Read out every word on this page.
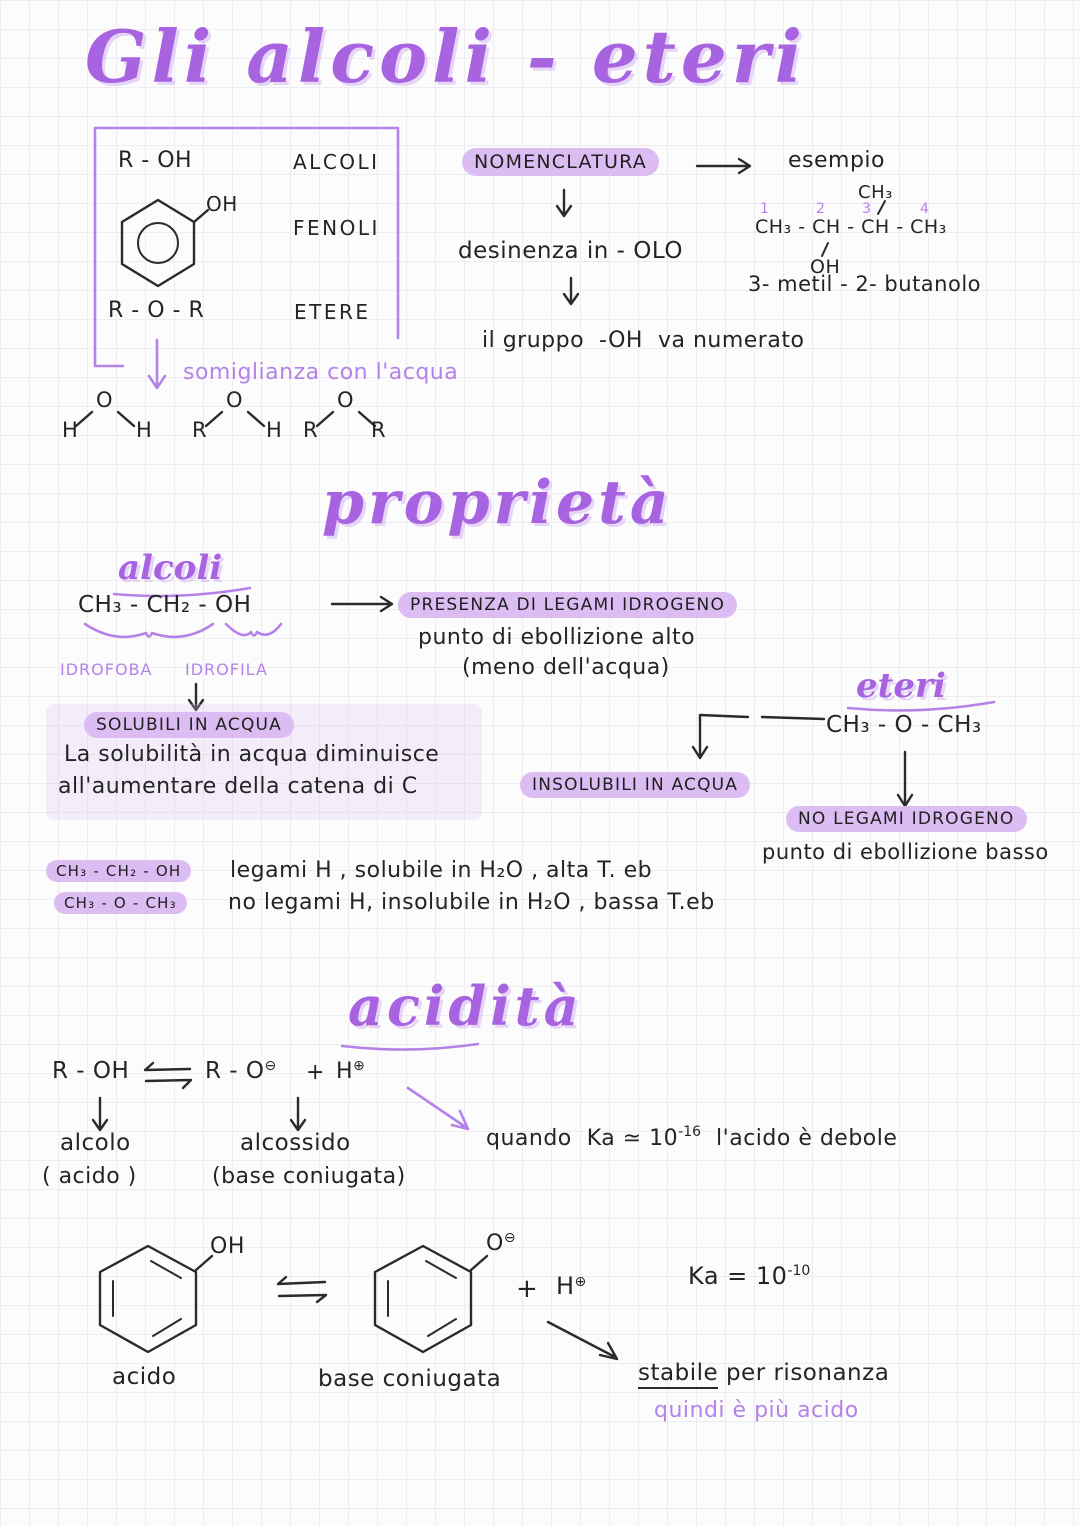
Gli alcoli - eteri
R - OH	ALCOLI
OH
FENOLI
R - O - R	ETERE
somiglianza con l'acqua
O
H	H
O
R	H
O
R	R
NOMENCLATURA	esempio
desinenza in - OLO
il gruppo  -OH  va numerato
CH₃
1	2	3	4
CH₃ - CH - CH - CH₃
OH
3- metil - 2- butanolo
proprietà
alcoli
CH₃ - CH₂ - OH
IDROFOBA IDROFILA
PRESENZA DI LEGAMI IDROGENO
punto di ebollizione alto
(meno dell'acqua)
SOLUBILI IN ACQUA
La solubilità in acqua diminuisce
all'aumentare della catena di C	INSOLUBILI IN ACQUA
eteri
CH₃ - O - CH₃
NO LEGAMI IDROGENO
punto di ebollizione basso
CH₃ - CH₂ - OH	legami H , solubile in H₂O , alta T. eb
CH₃ - O - CH₃	no legami H, insolubile in H₂O , bassa T.eb
acidità
R - OH	R - O⊖ + H⊕
alcolo
( acido )
alcossido
(base coniugata)
quando  Ka ≃ $10^{-16}$  l'acido è debole
OH	O⊖
+ H⊕	$Ka = 10^{-10}$
acido	base coniugata	stabile per risonanza
quindi è più acido
